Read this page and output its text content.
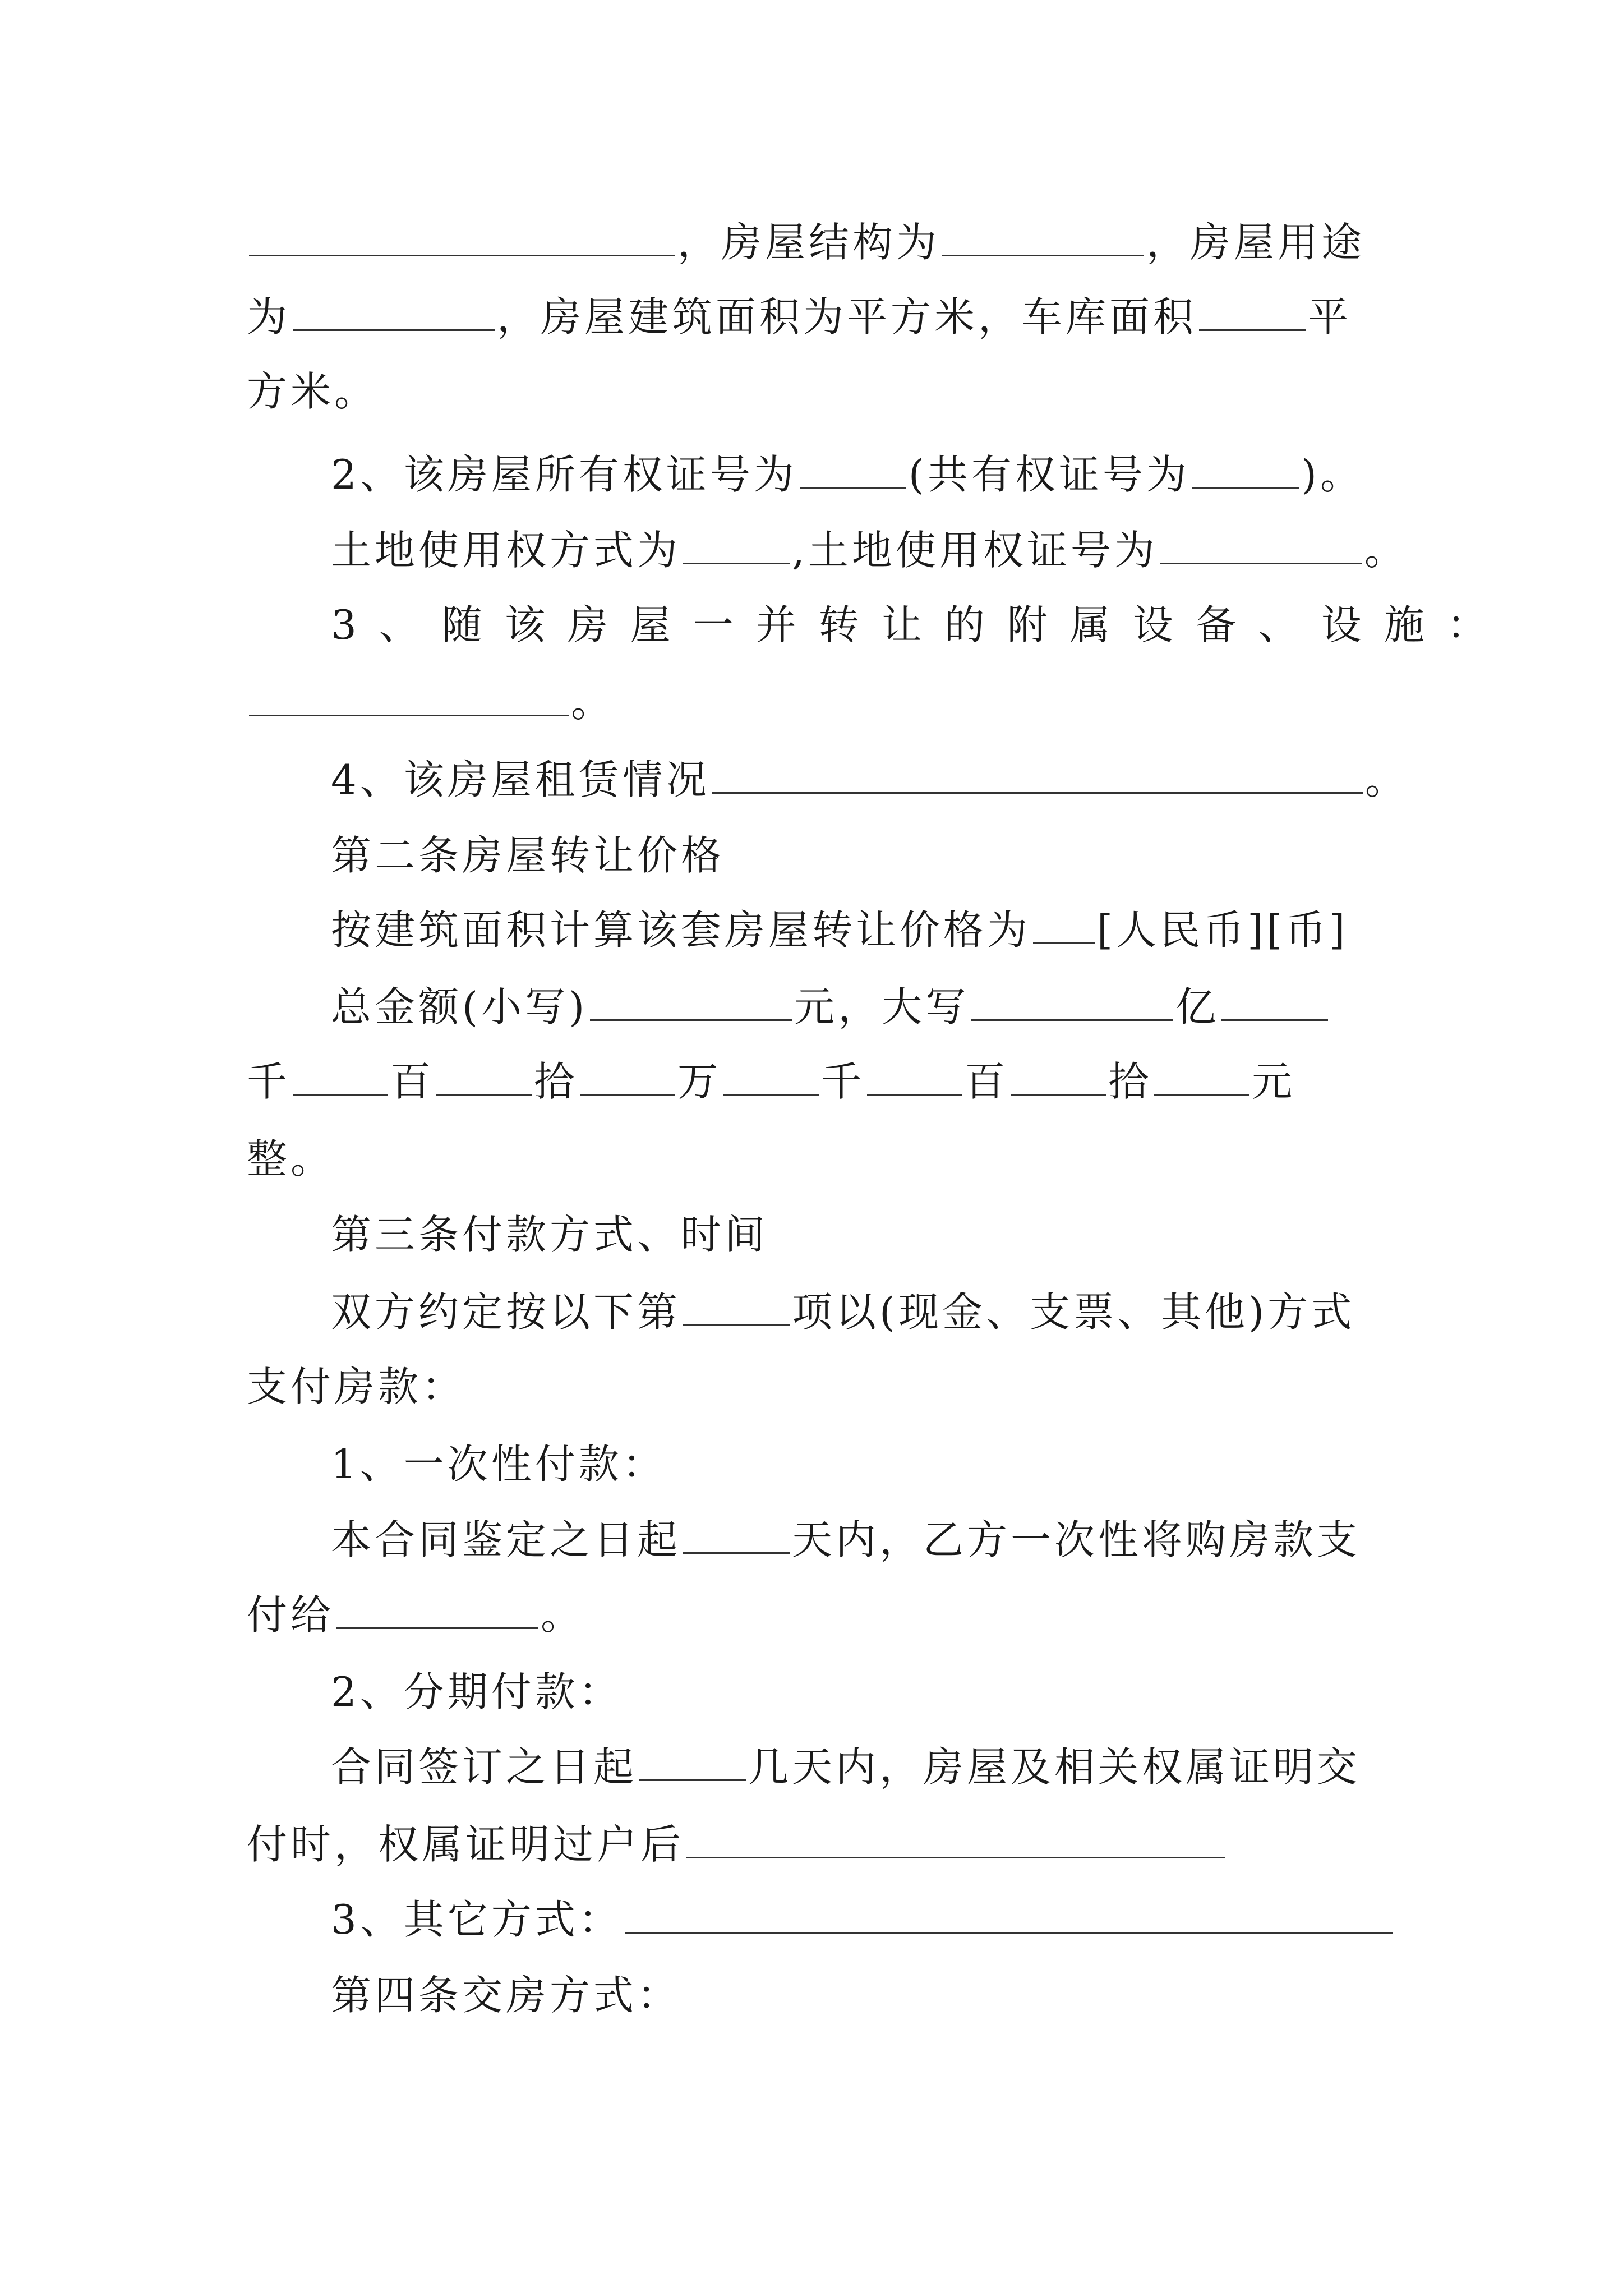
，房屋结构为	，房屋用途
为	，房屋建筑面积为平方米，车库面积	平
方米。
2、该房屋所有权证号为	(共有权证号为	)。
土地使用权方式为	,土地使用权证号为	。
3、随该房屋一并转让的附属设备、设施：
。
4、该房屋租赁情况	。
第二条房屋转让价格
按建筑面积计算该套房屋转让价格为 [人民币][币]
总金额(小写)	元，大写	亿
千 百 拾 万 千 百 拾 元
整。
第三条付款方式、时间
双方约定按以下第	项以(现金、支票、其他)方式
支付房款：
1、一次性付款：
本合同鉴定之日起	天内，乙方一次性将购房款支
付给	。
2、分期付款：
合同签订之日起	几天内，房屋及相关权属证明交
付时，权属证明过户后
3、其它方式：
第四条交房方式：
